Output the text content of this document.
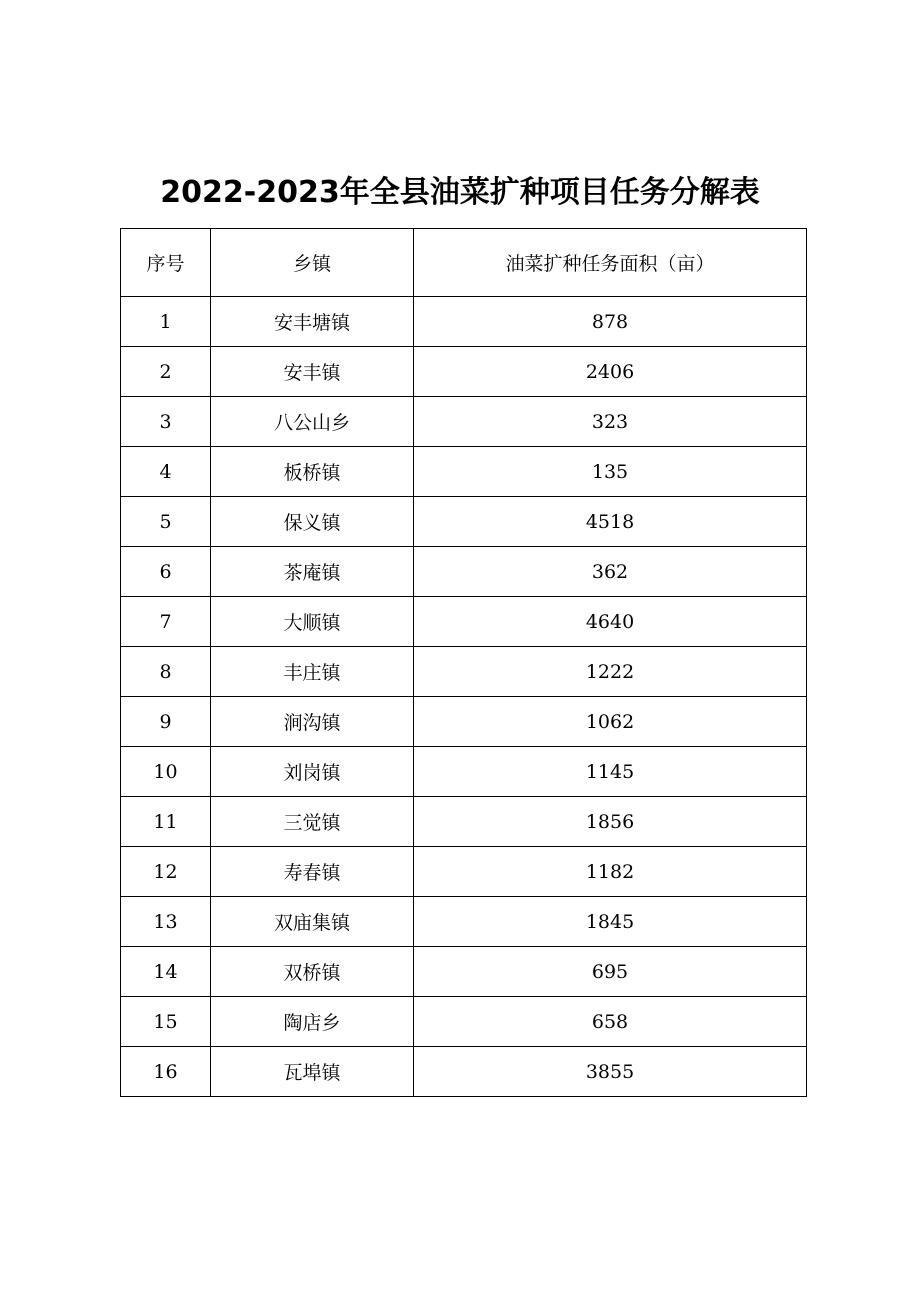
2022-2023年全县油菜扩种项目任务分解表
序号	乡镇	油菜扩种任务面积（亩）
1	安丰塘镇	878
2	安丰镇	2406
3	八公山乡	323
4	板桥镇	135
5	保义镇	4518
6	茶庵镇	362
7	大顺镇	4640
8	丰庄镇	1222
9	涧沟镇	1062
10	刘岗镇	1145
11	三觉镇	1856
12	寿春镇	1182
13	双庙集镇	1845
14	双桥镇	695
15	陶店乡	658
16	瓦埠镇	3855
